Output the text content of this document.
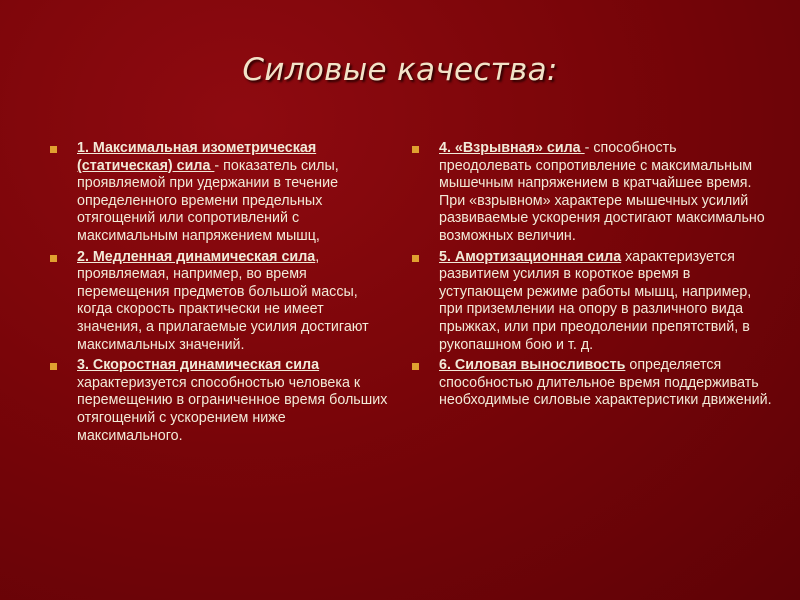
Силовые качества:
1. Максимальная изометрическая (статическая) сила - показатель силы, проявляемой при удержании в течение определенного времени предельных отягощений или сопротивлений с максимальным напряжением мышц,
2. Медленная динамическая сила, проявляемая, например, во время перемещения предметов большой массы, когда скорость практически не имеет значения, а прилагаемые усилия достигают максимальных значений.
3. Скоростная динамическая сила характеризуется способностью человека к перемещению в ограниченное время больших отягощений с ускорением ниже максимального.
4. «Взрывная» сила - способность преодолевать сопротивление с максимальным мышечным напряжением в кратчайшее время. При «взрывном» характере мышечных усилий развиваемые ускорения достигают максимально возможных величин.
5. Амортизационная сила характеризуется развитием усилия в короткое время в уступающем режиме работы мышц, например, при приземлении на опору в различного вида прыжках, или при преодолении препятствий, в рукопашном бою и т. д.
6. Силовая выносливость определяется способностью длительное время поддерживать необходимые силовые характеристики движений.
